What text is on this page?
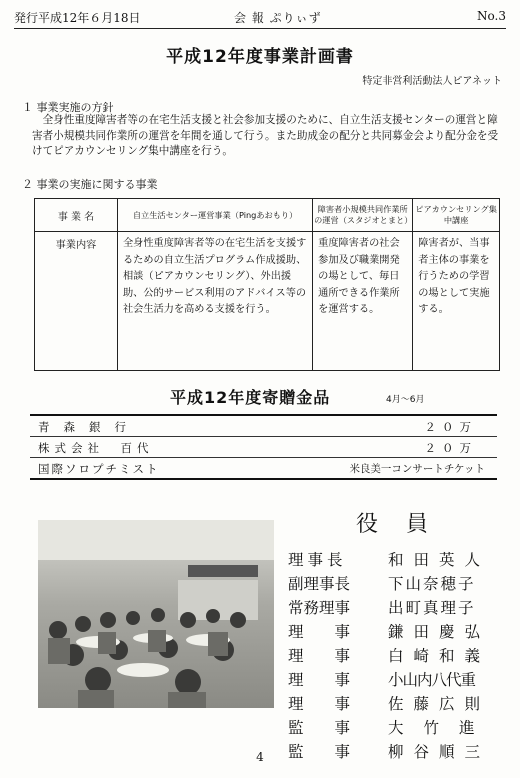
発行平成12年６月18日	会 報 ぷりぃず	No.3
平成12年度事業計画書
特定非営利活動法人ピアネット
１ 事業実施の方針

全身性重度障害者等の在宅生活支援と社会参加支援のために、自立生活支援センターの運営と障害者小規模共同作業所の運営を年間を通して行う。また助成金の配分と共同募金会より配分金を受けてピアカウンセリング集中講座を行う。

２ 事業の実施に関する事業
事 業 名	自立生活センター運営事業（Pingあおもり）	障害者小規模共同作業所の運営（スタジオとまと）	ピアカウンセリング集中講座
事業内容	全身性重度障害者等の在宅生活を支援するための自立生活プログラム作成援助、相談（ピアカウンセリング）、外出援助、公的サービス利用のアドバイス等の社会生活力を高める支援を行う。	重度障害者の社会参加及び職業開発の場として、毎日通所できる作業所を運営する。	障害者が、当事者主体の事業を行うための学習の場として実施する。
平成12年度寄贈金品	4月～6月
青森銀行	２０万
株式会社　百代	２０万
国際ソロプチミスト	米良美一コンサートチケット
役員
理事長	和田英人
副理事長 下山奈穂子
常務理事 出町真理子
理事 鎌田慶弘
理事 白崎和義
理事 小山内八代重
理事 佐藤広則
監事 大竹進
監事 柳谷順三
4
